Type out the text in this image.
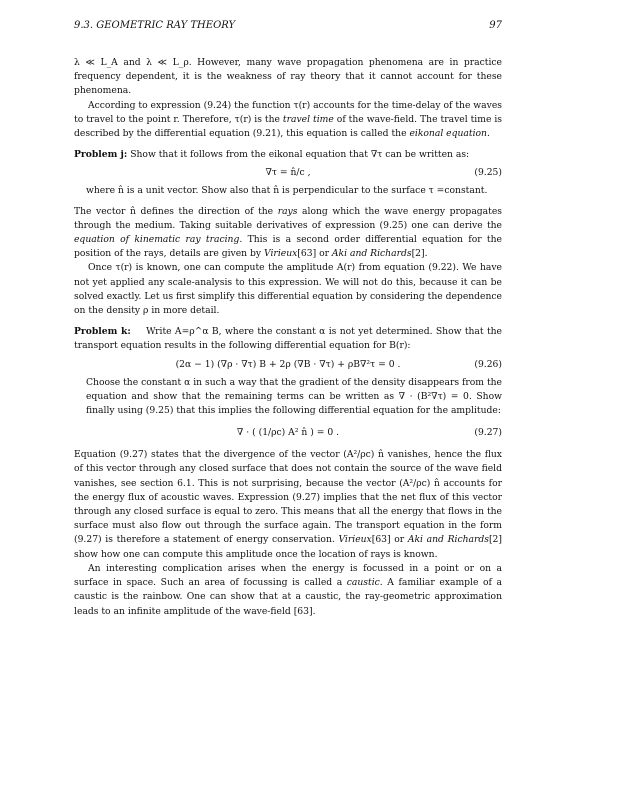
9.3. GEOMETRIC RAY THEORY	97

λ ≪ L_A and λ ≪ L_ρ. However, many wave propagation phenomena are in practice frequency dependent, it is the weakness of ray theory that it cannot account for these phenomena.

According to expression (9.24) the function τ(r) accounts for the time-delay of the waves to travel to the point r. Therefore, τ(r) is the travel time of the wave-field. The travel time is described by the differential equation (9.21), this equation is called the eikonal equation.

Problem j: Show that it follows from the eikonal equation that ∇τ can be written as:

∇τ = n̂/c ,	(9.25)

where n̂ is a unit vector. Show also that n̂ is perpendicular to the surface τ =constant.

The vector n̂ defines the direction of the rays along which the wave energy propagates through the medium. Taking suitable derivatives of expression (9.25) one can derive the equation of kinematic ray tracing. This is a second order differential equation for the position of the rays, details are given by Virieux[63] or Aki and Richards[2].

Once τ(r) is known, one can compute the amplitude A(r) from equation (9.22). We have not yet applied any scale-analysis to this expression. We will not do this, because it can be solved exactly. Let us first simplify this differential equation by considering the dependence on the density ρ in more detail.

Problem k: Write A=ρ^α B, where the constant α is not yet determined. Show that the transport equation results in the following differential equation for B(r):

(2α − 1) (∇ρ · ∇τ) B + 2ρ (∇B · ∇τ) + ρB∇²τ = 0 .	(9.26)

Choose the constant α in such a way that the gradient of the density disappears from the equation and show that the remaining terms can be written as ∇ · (B²∇τ) = 0. Show finally using (9.25) that this implies the following differential equation for the amplitude:

∇ · ( (1/ρc) A² n̂ ) = 0 .	(9.27)

Equation (9.27) states that the divergence of the vector (A²/ρc) n̂ vanishes, hence the flux of this vector through any closed surface that does not contain the source of the wave field vanishes, see section 6.1. This is not surprising, because the vector (A²/ρc) n̂ accounts for the energy flux of acoustic waves. Expression (9.27) implies that the net flux of this vector through any closed surface is equal to zero. This means that all the energy that flows in the surface must also flow out through the surface again. The transport equation in the form (9.27) is therefore a statement of energy conservation. Virieux[63] or Aki and Richards[2] show how one can compute this amplitude once the location of rays is known.

An interesting complication arises when the energy is focussed in a point or on a surface in space. Such an area of focussing is called a caustic. A familiar example of a caustic is the rainbow. One can show that at a caustic, the ray-geometric approximation leads to an infinite amplitude of the wave-field [63].
